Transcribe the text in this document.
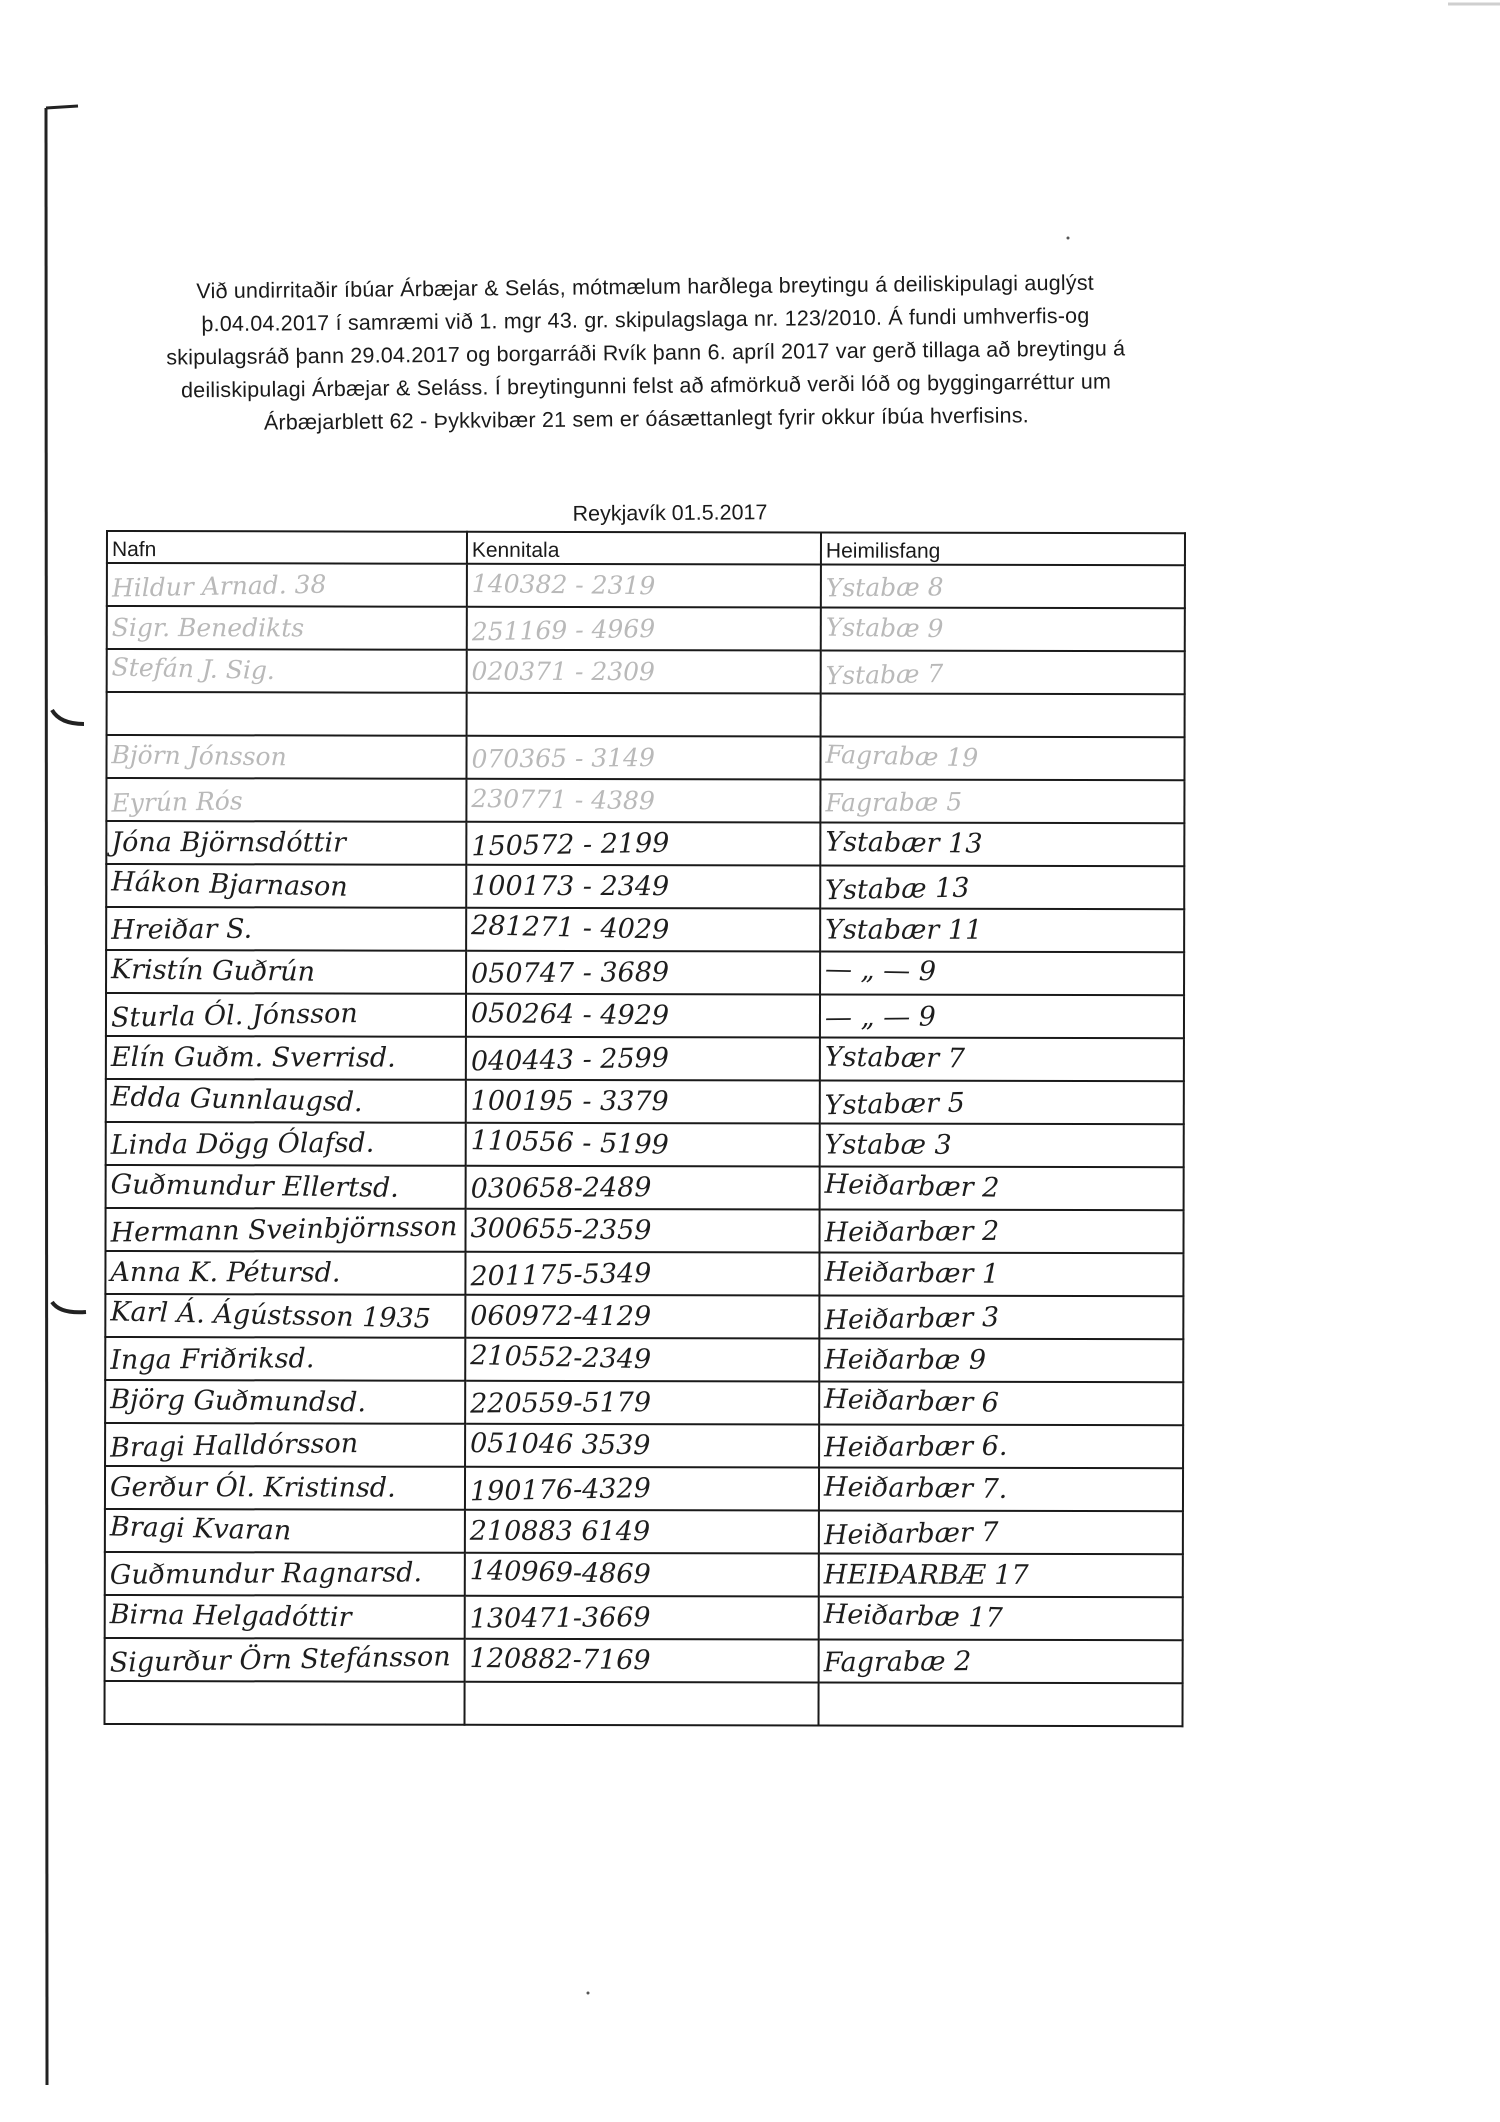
Við undirritaðir íbúar Árbæjar & Selás, mótmælum harðlega breytingu á deiliskipulagi auglýst
þ.04.04.2017 í samræmi við 1. mgr 43. gr. skipulagslaga nr. 123/2010. Á fundi umhverfis-og
skipulagsráð þann 29.04.2017 og borgarráði Rvík þann 6. apríl 2017 var gerð tillaga að breytingu á
deiliskipulagi Árbæjar & Seláss. Í breytingunni felst að afmörkuð verði lóð og byggingarréttur um
Árbæjarblett 62 - Þykkvibær 21 sem er óásættanlegt fyrir okkur íbúa hverfisins.
Reykjavík 01.5.2017
Nafn	Kennitala	Heimilisfang
Hildur Arnad. 38	140382 - 2319	Ystabæ 8
Sigr. Benedikts	251169 - 4969	Ystabæ 9
Stefán J. Sig.	020371 - 2309	Ystabæ 7

Björn Jónsson	070365 - 3149	Fagrabæ 19
Eyrún Rós	230771 - 4389	Fagrabæ 5
Jóna Björnsdóttir	150572 - 2199	Ystabær 13
Hákon Bjarnason	100173 - 2349	Ystabæ 13
Hreiðar S.	281271 - 4029	Ystabær 11
Kristín Guðrún	050747 - 3689	— „ — 9
Sturla Ól. Jónsson	050264 - 4929	— „ — 9
Elín Guðm. Sverrisd.	040443 - 2599	Ystabær 7
Edda Gunnlaugsd.	100195 - 3379	Ystabær 5
Linda Dögg Ólafsd.	110556 - 5199	Ystabæ 3
Guðmundur Ellertsd.	030658-2489	Heiðarbær 2
Hermann Sveinbjörnsson	300655-2359	Heiðarbær 2
Anna K. Pétursd.	201175-5349	Heiðarbær 1
Karl Á. Ágústsson 1935	060972-4129	Heiðarbær 3
Inga Friðriksd.	210552-2349	Heiðarbæ 9
Björg Guðmundsd.	220559-5179	Heiðarbær 6
Bragi Halldórsson	051046 3539	Heiðarbær 6.
Gerður Ól. Kristinsd.	190176-4329	Heiðarbær 7.
Bragi Kvaran	210883 6149	Heiðarbær 7
Guðmundur Ragnarsd.	140969-4869	HEIÐARBÆ 17
Birna Helgadóttir	130471-3669	Heiðarbæ 17
Sigurður Örn Stefánsson	120882-7169	Fagrabæ 2
